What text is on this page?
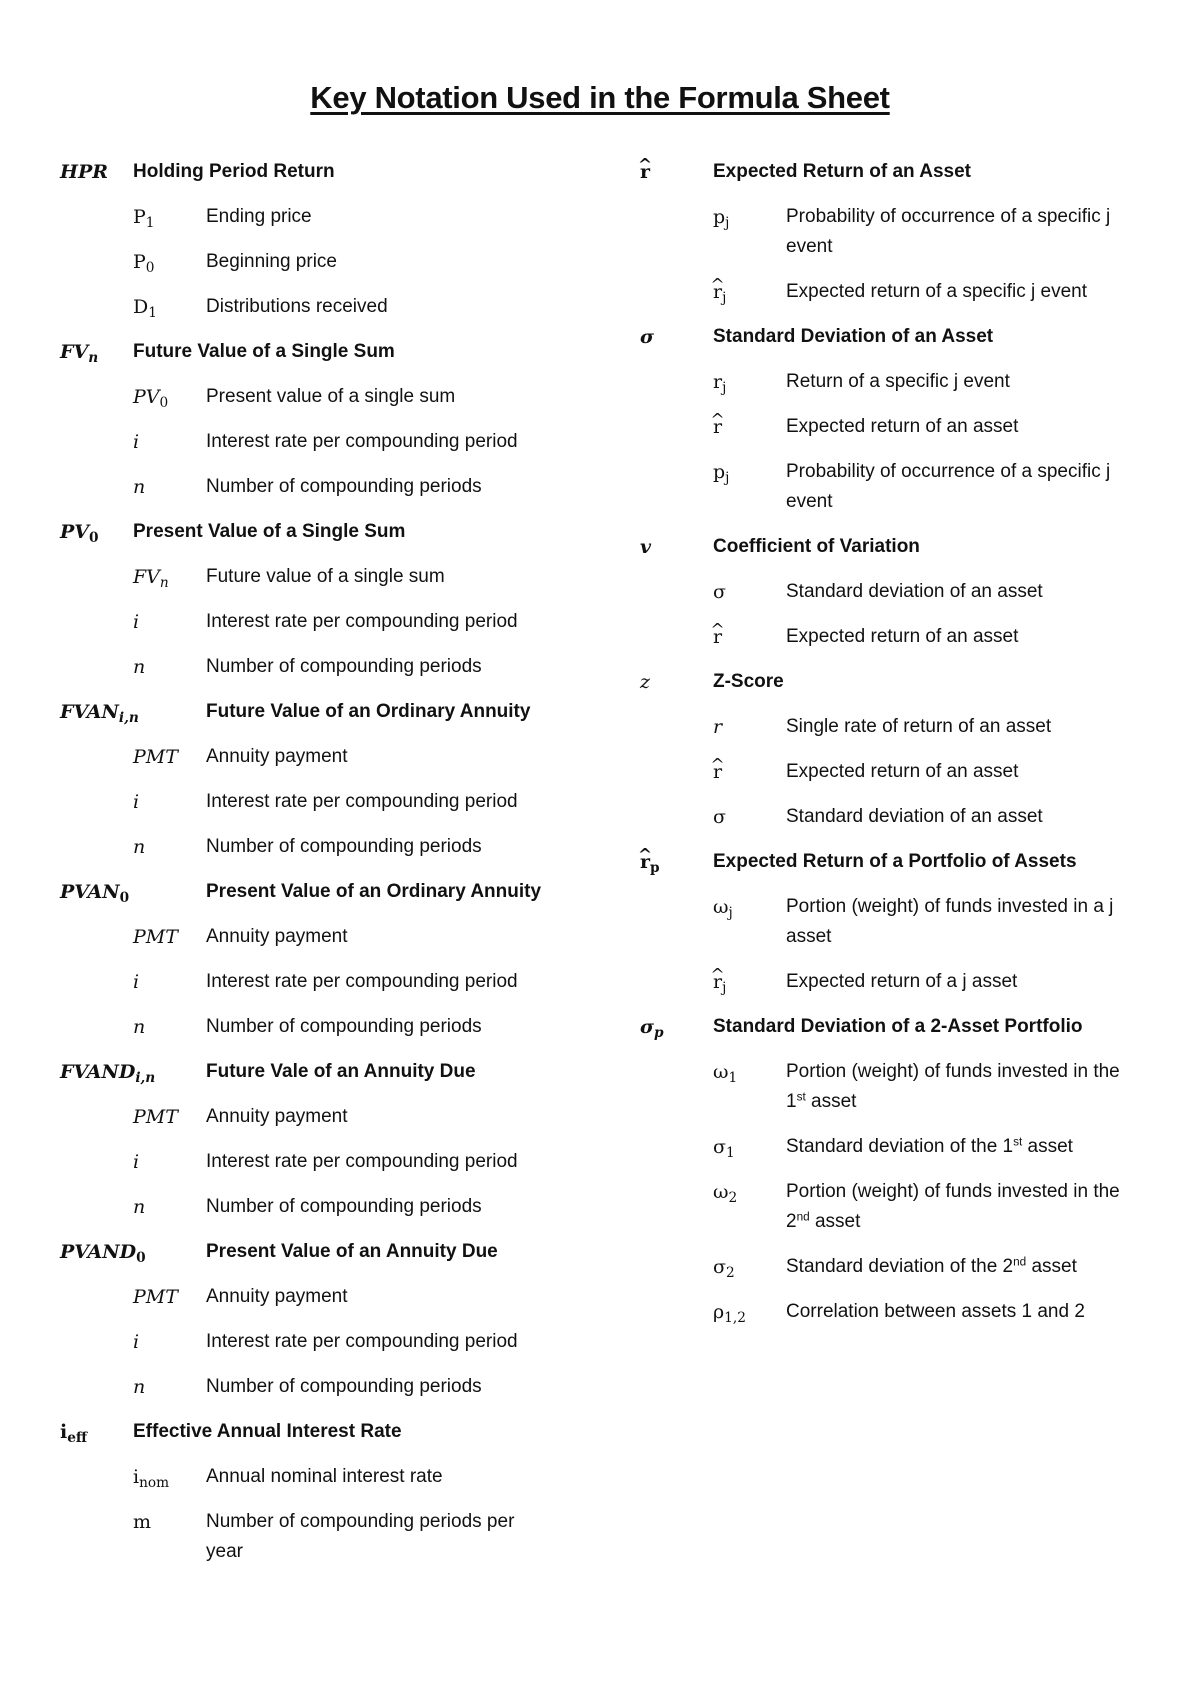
Key Notation Used in the Formula Sheet
HPR	Holding Period Return
$P_1$	Ending price
$P_0$	Beginning price
$D_1$	Distributions received
$FV_n$	Future Value of a Single Sum
$PV_0$	Present value of a single sum
i	Interest rate per compounding period
n	Number of compounding periods
$PV_0$	Present Value of a Single Sum
$FV_n$	Future value of a single sum
i	Interest rate per compounding period
n	Number of compounding periods
$FVAN_{i,n}$	Future Value of an Ordinary Annuity
PMT	Annuity payment
i	Interest rate per compounding period
n	Number of compounding periods
$PVAN_0$	Present Value of an Ordinary Annuity
PMT	Annuity payment
i	Interest rate per compounding period
n	Number of compounding periods
$FVAND_{i,n}$	Future Vale of an Annuity Due
PMT	Annuity payment
i	Interest rate per compounding period
n	Number of compounding periods
$PVAND_0$	Present Value of an Annuity Due
PMT	Annuity payment
i	Interest rate per compounding period
n	Number of compounding periods
$i_{eff}$	Effective Annual Interest Rate
$i_{nom}$	Annual nominal interest rate
m	Number of compounding periods per year
^ r	Expected Return of an Asset
$p_j$	Probability of occurrence of a specific j event
^ $r_j$	Expected return of a specific j event
σ	Standard Deviation of an Asset
$r_j$	Return of a specific j event
^ r	Expected return of an asset
$p_j$	Probability of occurrence of a specific j event
v	Coefficient of Variation
σ	Standard deviation of an asset
^ r	Expected return of an asset
z	Z-Score
r	Single rate of return of an asset
^ r	Expected return of an asset
σ	Standard deviation of an asset
^ $r_p$	Expected Return of a Portfolio of Assets
$\omega_j$	Portion (weight) of funds invested in a j asset
^ $r_j$	Expected return of a j asset
$\sigma_p$	Standard Deviation of a 2-Asset Portfolio
$\omega_1$	Portion (weight) of funds invested in the 1st asset
$\sigma_1$	Standard deviation of the 1st asset
$\omega_2$	Portion (weight) of funds invested in the 2nd asset
$\sigma_2$	Standard deviation of the 2nd asset
$\rho_{1,2}$	Correlation between assets 1 and 2
